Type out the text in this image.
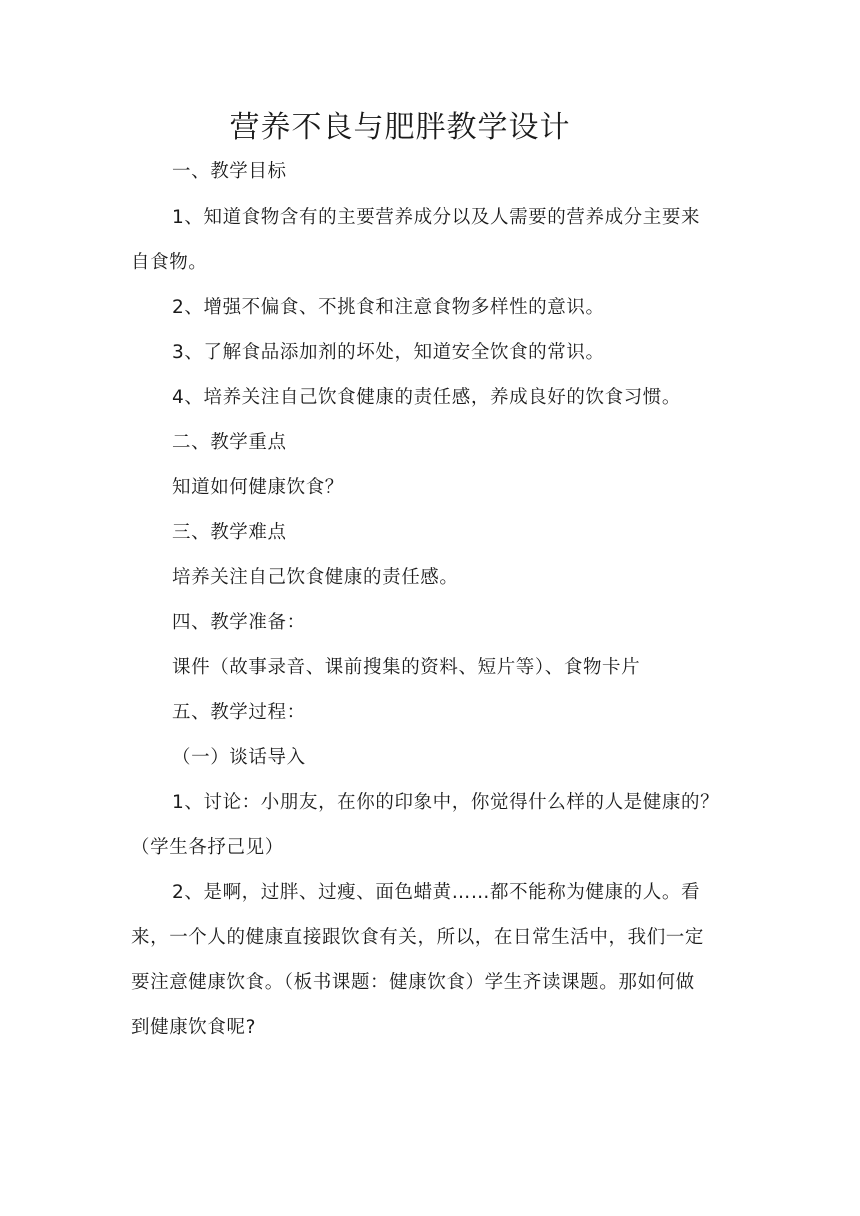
营养不良与肥胖教学设计
一、教学目标
1、知道食物含有的主要营养成分以及人需要的营养成分主要来
自食物。
2、增强不偏食、不挑食和注意食物多样性的意识。
3、了解食品添加剂的坏处，知道安全饮食的常识。
4、培养关注自己饮食健康的责任感，养成良好的饮食习惯。
二、教学重点
知道如何健康饮食？
三、教学难点
培养关注自己饮食健康的责任感。
四、教学准备：
课件（故事录音、课前搜集的资料、短片等）、食物卡片
五、教学过程：
（一）谈话导入
1、讨论：小朋友，在你的印象中，你觉得什么样的人是健康的？
（学生各抒己见）
2、是啊，过胖、过瘦、面色蜡黄……都不能称为健康的人。看
来，一个人的健康直接跟饮食有关，所以，在日常生活中，我们一定
要注意健康饮食。（板书课题：健康饮食）学生齐读课题。那如何做
到健康饮食呢?
